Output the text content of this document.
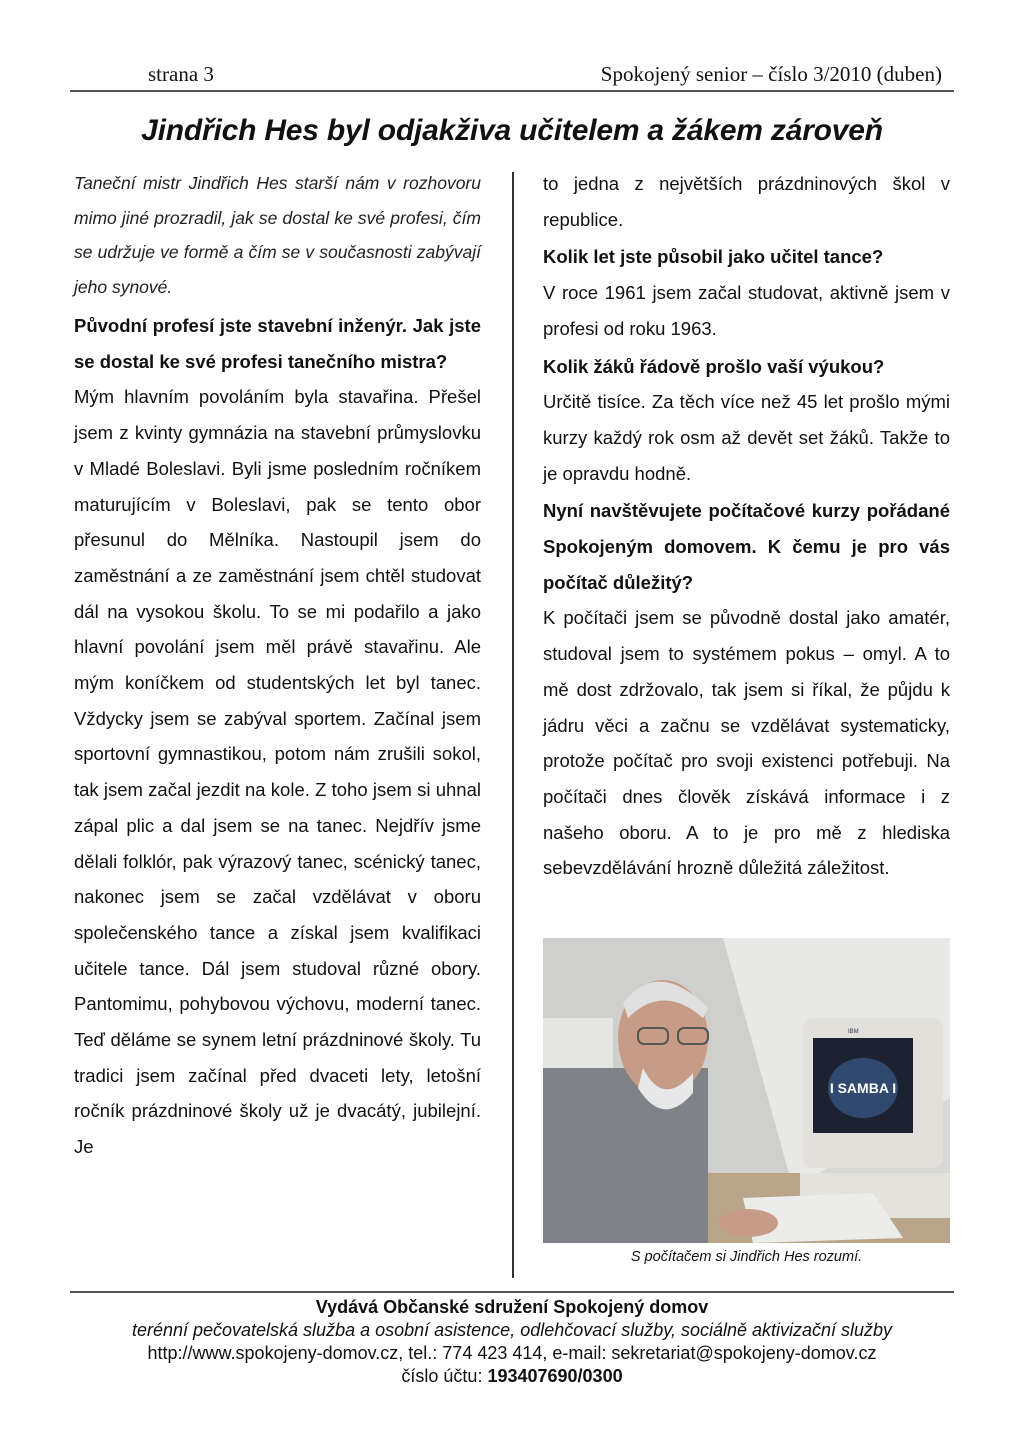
strana 3	Spokojený senior – číslo 3/2010 (duben)
Jindřich Hes byl odjakživa učitelem a žákem zároveň

Taneční mistr Jindřich Hes starší nám v rozhovoru mimo jiné prozradil, jak se dostal ke své profesi, čím se udržuje ve formě a čím se v současnosti zabývají jeho synové.

Původní profesí jste stavební inženýr. Jak jste se dostal ke své profesi tanečního mistra?

Mým hlavním povoláním byla stavařina. Přešel jsem z kvinty gymnázia na stavební průmyslovku v Mladé Boleslavi. Byli jsme posledním ročníkem maturujícím v Boleslavi, pak se tento obor přesunul do Mělníka. Nastoupil jsem do zaměstnání a ze zaměstnání jsem chtěl studovat dál na vysokou školu. To se mi podařilo a jako hlavní povolání jsem měl právě stavařinu. Ale mým koníčkem od studentských let byl tanec. Vždycky jsem se zabýval sportem. Začínal jsem sportovní gymnastikou, potom nám zrušili sokol, tak jsem začal jezdit na kole. Z toho jsem si uhnal zápal plic a dal jsem se na tanec. Nejdřív jsme dělali folklór, pak výrazový tanec, scénický tanec, nakonec jsem se začal vzdělávat v oboru společenského tance a získal jsem kvalifikaci učitele tance. Dál jsem studoval různé obory. Pantomimu, pohybovou výchovu, moderní tanec. Teď děláme se synem letní prázdninové školy. Tu tradici jsem začínal před dvaceti lety, letošní ročník prázdninové školy už je dvacátý, jubilejní. Je

to jedna z největších prázdninových škol v republice.

Kolik let jste působil jako učitel tance?

V roce 1961 jsem začal studovat, aktivně jsem v profesi od roku 1963.

Kolik žáků řádově prošlo vaší výukou?

Určitě tisíce. Za těch více než 45 let prošlo mými kurzy každý rok osm až devět set žáků. Takže to je opravdu hodně.

Nyní navštěvujete počítačové kurzy pořádané Spokojeným domovem. K čemu je pro vás počítač důležitý?

K počítači jsem se původně dostal jako amatér, studoval jsem to systémem pokus – omyl. A to mě dost zdržovalo, tak jsem si říkal, že půjdu k jádru věci a začnu se vzdělávat systematicky, protože počítač pro svoji existenci potřebuji. Na počítači dnes člověk získává informace i z našeho oboru. A to je pro mě z hlediska sebevzdělávání hrozně důležitá záležitost.

I SAMBA I
IBM
S počítačem si Jindřich Hes rozumí.
Vydává Občanské sdružení Spokojený domov
terénní pečovatelská služba a osobní asistence, odlehčovací služby, sociálně aktivizační služby
http://www.spokojeny-domov.cz, tel.: 774 423 414, e-mail: sekretariat@spokojeny-domov.cz
číslo účtu: 193407690/0300
